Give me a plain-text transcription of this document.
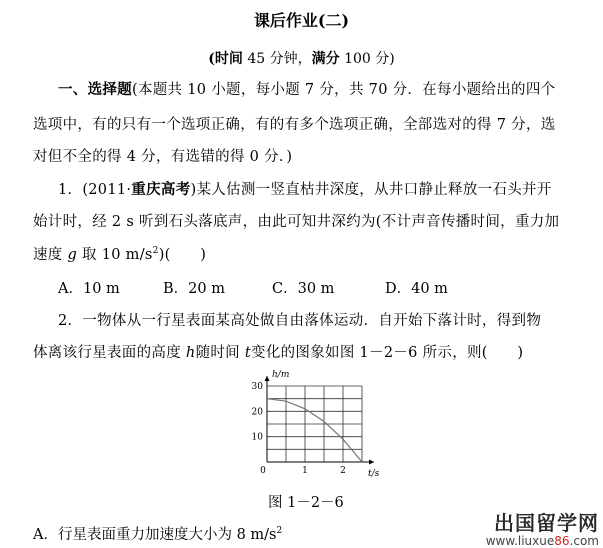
课后作业(二)
(时间 45 分钟，满分 100 分)
一、选择题(本题共 10 小题，每小题 7 分，共 70 分．在每小题给出的四个
选项中，有的只有一个选项正确，有的有多个选项正确，全部选对的得 7 分，选
对但不全的得 4 分，有选错的得 0 分．)
1．(2011·重庆高考)某人估测一竖直枯井深度，从井口静止释放一石头并开
始计时，经 2 s 听到石头落底声，由此可知井深约为(不计声音传播时间，重力加
速度 g 取 10 $m/s^2$)(　　)
A．10 m	B．20 m	C．30 m	D．40 m
2．一物体从一行星表面某高处做自由落体运动．自开始下落计时，得到物
体离该行星表面的高度 h随时间 t变化的图象如图 1－2－6 所示，则(　　)
h/m
t/s
30
20
10
0	1	2
图 1－2－6
A．行星表面重力加速度大小为 8 $m/s^2$	出国留学网
www.liuxue86.com
